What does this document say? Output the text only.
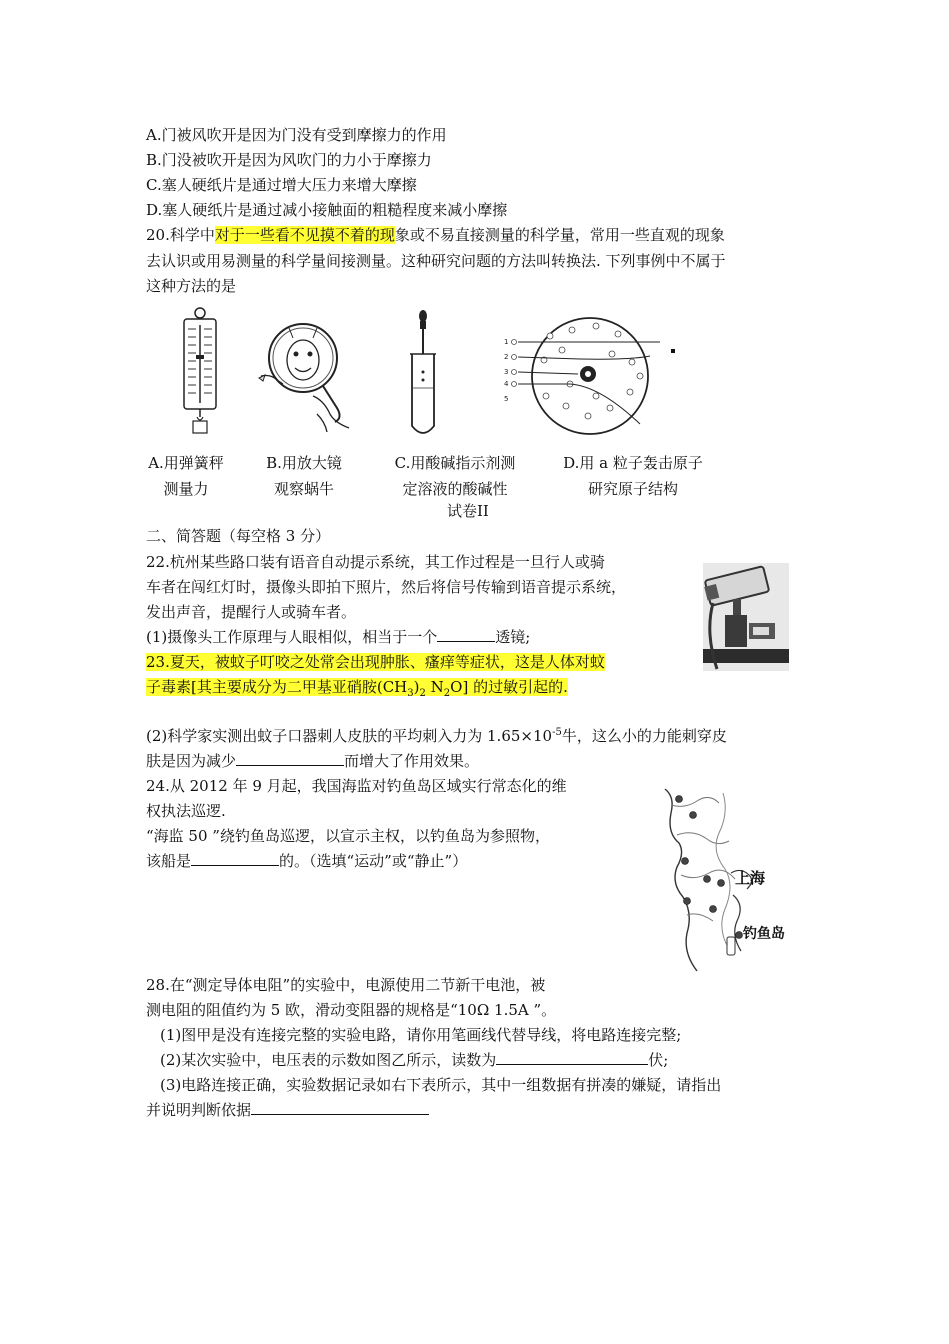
A.门被风吹开是因为门没有受到摩擦力的作用
B.门没被吹开是因为风吹门的力小于摩擦力
C.塞人硬纸片是通过增大压力来增大摩擦
D.塞人硬纸片是通过减小接触面的粗糙程度来减小摩擦
20.科学中对于一些看不见摸不着的现象或不易直接测量的科学量，常用一些直观的现象
去认识或用易测量的科学量间接测量。这种研究问题的方法叫转换法. 下列事例中不属于
这种方法的是
1
2
3
4
5
A.用弹簧秤
测量力
B.用放大镜
观察蜗牛
C.用酸碱指示剂测
定溶液的酸碱性
D.用 a 粒子轰击原子
研究原子结构
试卷II
二、简答题（每空格 3 分）
22.杭州某些路口装有语音自动提示系统，其工作过程是一旦行人或骑
车者在闯红灯时，摄像头即拍下照片，然后将信号传输到语音提示系统，
发出声音，提醒行人或骑车者。
(1)摄像头工作原理与人眼相似，相当于一个	透镜;
23.夏天，被蚊子叮咬之处常会出现肿胀、瘙痒等症状，这是人体对蚊
子毒素[其主要成分为二甲基亚硝胺$(CH_3)_2$ $N_2O$] 的过敏引起的.
(2)科学家实测出蚊子口器刺人皮肤的平均刺入力为 $1.65\times 10^{-5}$牛，这么小的力能刺穿皮
肤是因为减少	而增大了作用效果。
24.从 2012 年 9 月起，我国海监对钓鱼岛区域实行常态化的维
权执法巡逻.
“海监 50 ”绕钓鱼岛巡逻，以宣示主权，以钓鱼岛为参照物，
该船是	的。（选填“运动”或“静止”）
上海
钓鱼岛
28.在“测定导体电阻”的实验中，电源使用二节新干电池，被
测电阻的阻值约为 5 欧，滑动变阻器的规格是“10Ω 1.5A ”。
(1)图甲是没有连接完整的实验电路，请你用笔画线代替导线，将电路连接完整;
(2)某次实验中，电压表的示数如图乙所示，读数为	伏;
(3)电路连接正确，实验数据记录如右下表所示，其中一组数据有拼凑的嫌疑，请指出
并说明判断依据
